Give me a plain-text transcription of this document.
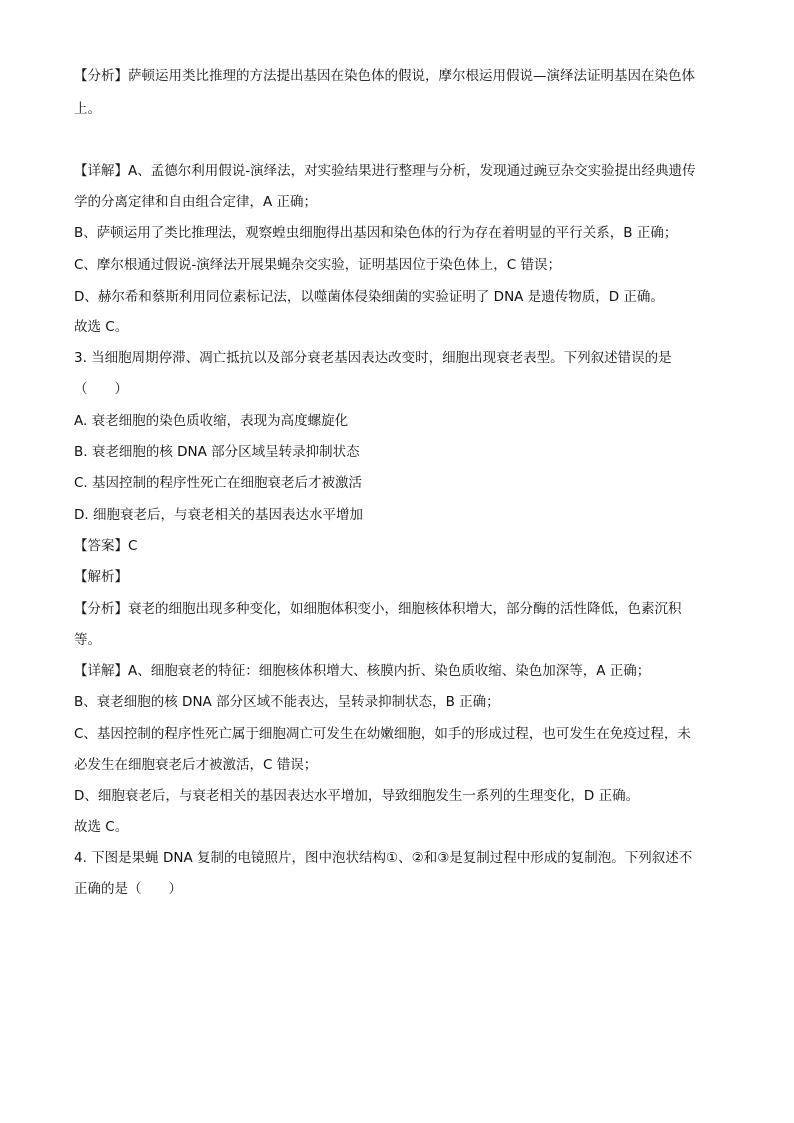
【分析】萨顿运用类比推理的方法提出基因在染色体的假说，摩尔根运用假说—演绎法证明基因在染色体
上。
【详解】A、孟德尔利用假说-演绎法，对实验结果进行整理与分析，发现通过豌豆杂交实验提出经典遗传
学的分离定律和自由组合定律，A 正确；
B、萨顿运用了类比推理法，观察蝗虫细胞得出基因和染色体的行为存在着明显的平行关系，B 正确；
C、摩尔根通过假说-演绎法开展果蝇杂交实验，证明基因位于染色体上，C 错误；
D、赫尔希和蔡斯利用同位素标记法，以噬菌体侵染细菌的实验证明了 DNA 是遗传物质，D 正确。
故选 C。
3. 当细胞周期停滞、凋亡抵抗以及部分衰老基因表达改变时，细胞出现衰老表型。下列叙述错误的是
（　　）
A. 衰老细胞的染色质收缩，表现为高度螺旋化
B. 衰老细胞的核 DNA 部分区域呈转录抑制状态
C. 基因控制的程序性死亡在细胞衰老后才被激活
D. 细胞衰老后，与衰老相关的基因表达水平增加
【答案】C
【解析】
【分析】衰老的细胞出现多种变化，如细胞体积变小，细胞核体积增大，部分酶的活性降低，色素沉积
等。
【详解】A、细胞衰老的特征：细胞核体积增大、核膜内折、染色质收缩、染色加深等，A 正确；
B、衰老细胞的核 DNA 部分区域不能表达，呈转录抑制状态，B 正确；
C、基因控制的程序性死亡属于细胞凋亡可发生在幼嫩细胞，如手的形成过程，也可发生在免疫过程，未
必发生在细胞衰老后才被激活，C 错误；
D、细胞衰老后，与衰老相关的基因表达水平增加，导致细胞发生一系列的生理变化，D 正确。
故选 C。
4. 下图是果蝇 DNA 复制的电镜照片，图中泡状结构①、②和③是复制过程中形成的复制泡。下列叙述不
正确的是（　　）
